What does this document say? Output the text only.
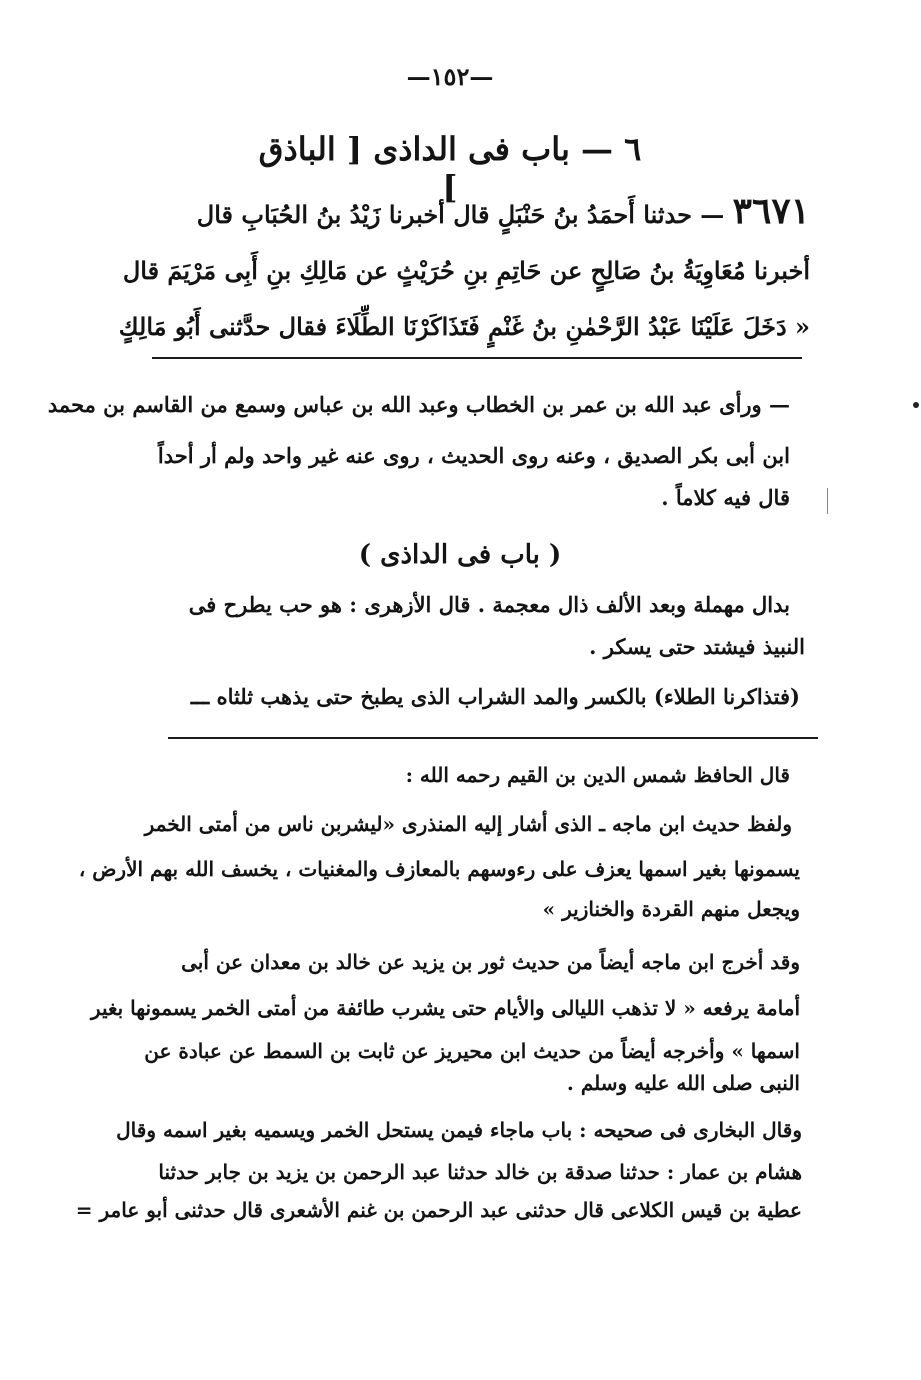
—١٥٢—
٦ — باب فى الداذى [ الباذق ]
٣٦٧١ — حدثنا أَحمَدُ بنُ حَنْبَلٍ قال أخبرنا زَيْدُ بنُ الحُبَابِ قال
أخبرنا مُعَاوِيَةُ بنُ صَالِحٍ عن حَاتِمِ بنِ حُرَيْثٍ عن مَالِكِ بنِ أَبِى مَرْيَمَ قال
« دَخَلَ عَلَيْنَا عَبْدُ الرَّحْمٰنِ بنُ غَنْمٍ فَتَذَاكَرْنَا الطِّلَاءَ فقال حدَّثنى أَبُو مَالِكٍ
— ورأى عبد الله بن عمر بن الخطاب وعبد الله بن عباس وسمع من القاسم بن محمد
ابن أبى بكر الصديق ، وعنه روى الحديث ، روى عنه غير واحد ولم أر أحداً
قال فيه كلاماً .
( باب فى الداذى )
بدال مهملة وبعد الألف ذال معجمة . قال الأزهرى : هو حب يطرح فى
النبيذ فيشتد حتى يسكر .
(فتذاكرنا الطلاء) بالكسر والمد الشراب الذى يطبخ حتى يذهب ثلثاه ـــ
قال الحافظ شمس الدين بن القيم رحمه الله :
ولفظ حديث ابن ماجه ـ الذى أشار إليه المنذرى «ليشربن ناس من أمتى الخمر
يسمونها بغير اسمها يعزف على رءوسهم بالمعازف والمغنيات ، يخسف الله بهم الأرض ،
ويجعل منهم القردة والخنازير »
وقد أخرج ابن ماجه أيضاً من حديث ثور بن يزيد عن خالد بن معدان عن أبى
أمامة يرفعه « لا تذهب الليالى والأيام حتى يشرب طائفة من أمتى الخمر يسمونها بغير
اسمها » وأخرجه أيضاً من حديث ابن محيريز عن ثابت بن السمط عن عبادة عن
النبى صلى الله عليه وسلم .
وقال البخارى فى صحيحه : باب ماجاء فيمن يستحل الخمر ويسميه بغير اسمه وقال
هشام بن عمار : حدثنا صدقة بن خالد حدثنا عبد الرحمن بن يزيد بن جابر حدثنا
عطية بن قيس الكلاعى قال حدثنى عبد الرحمن بن غنم الأشعرى قال حدثنى أبو عامر =
